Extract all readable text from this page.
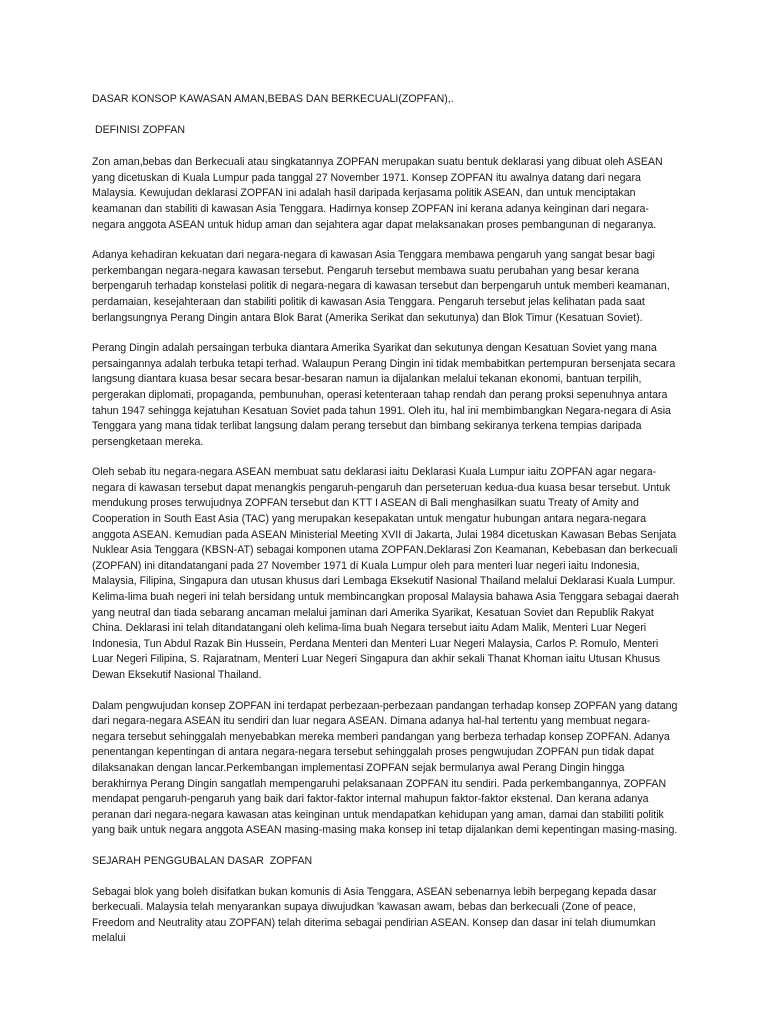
DASAR KONSOP KAWASAN AMAN,BEBAS DAN BERKECUALI(ZOPFAN),.
DEFINISI ZOPFAN

Zon aman,bebas dan Berkecuali atau singkatannya ZOPFAN merupakan suatu bentuk deklarasi yang dibuat oleh ASEAN yang dicetuskan di Kuala Lumpur pada tanggal 27 November 1971. Konsep ZOPFAN itu awalnya datang dari negara Malaysia. Kewujudan deklarasi ZOPFAN ini adalah hasil daripada kerjasama politik ASEAN, dan untuk menciptakan keamanan dan stabiliti di kawasan Asia Tenggara. Hadirnya konsep ZOPFAN ini kerana adanya keinginan dari negara- negara anggota ASEAN untuk hidup aman dan sejahtera agar dapat melaksanakan proses pembangunan di negaranya.

Adanya kehadiran kekuatan dari negara-negara di kawasan Asia Tenggara membawa pengaruh yang sangat besar bagi perkembangan negara-negara kawasan tersebut. Pengaruh tersebut membawa suatu perubahan yang besar kerana berpengaruh terhadap konstelasi politik di negara-negara di kawasan tersebut dan berpengaruh untuk memberi keamanan, perdamaian, kesejahteraan dan stabiliti politik di kawasan Asia Tenggara. Pengaruh tersebut jelas kelihatan pada saat berlangsungnya Perang Dingin antara Blok Barat (Amerika Serikat dan sekutunya) dan Blok Timur (Kesatuan Soviet).

Perang Dingin adalah persaingan terbuka diantara Amerika Syarikat dan sekutunya dengan Kesatuan Soviet yang mana persaingannya adalah terbuka tetapi terhad. Walaupun Perang Dingin ini tidak membabitkan pertempuran bersenjata secara langsung diantara kuasa besar secara besar-besaran namun ia dijalankan melalui tekanan ekonomi, bantuan terpilih, pergerakan diplomati, propaganda, pembunuhan, operasi ketenteraan tahap rendah dan perang proksi sepenuhnya antara tahun 1947 sehingga kejatuhan Kesatuan Soviet pada tahun 1991. Oleh itu, hal ini membimbangkan Negara-negara di Asia Tenggara yang mana tidak terlibat langsung dalam perang tersebut dan bimbang sekiranya terkena tempias daripada persengketaan mereka.

Oleh sebab itu negara-negara ASEAN membuat satu deklarasi iaitu Deklarasi Kuala Lumpur iaitu ZOPFAN agar negara-negara di kawasan tersebut dapat menangkis pengaruh-pengaruh dan perseteruan kedua-dua kuasa besar tersebut. Untuk mendukung proses terwujudnya ZOPFAN tersebut dan KTT I ASEAN di Bali menghasilkan suatu Treaty of Amity and Cooperation in South East Asia (TAC) yang merupakan kesepakatan untuk mengatur hubungan antara negara-negara anggota ASEAN. Kemudian pada ASEAN Ministerial Meeting XVII di Jakarta, Julai 1984 dicetuskan Kawasan Bebas Senjata Nuklear Asia Tenggara (KBSN-AT) sebagai komponen utama ZOPFAN.Deklarasi Zon Keamanan, Kebebasan dan berkecuali (ZOPFAN) ini ditandatangani pada 27 November 1971 di Kuala Lumpur oleh para menteri luar negeri iaitu Indonesia, Malaysia, Filipina, Singapura dan utusan khusus dari Lembaga Eksekutif Nasional Thailand melalui Deklarasi Kuala Lumpur. Kelima-lima buah negeri ini telah bersidang untuk membincangkan proposal Malaysia bahawa Asia Tenggara sebagai daerah yang neutral dan tiada sebarang ancaman melalui jaminan dari Amerika Syarikat, Kesatuan Soviet dan Republik Rakyat China. Deklarasi ini telah ditandatangani oleh kelima-lima buah Negara tersebut iaitu Adam Malik, Menteri Luar Negeri Indonesia, Tun Abdul Razak Bin Hussein, Perdana Menteri dan Menteri Luar Negeri Malaysia, Carlos P. Romulo, Menteri Luar Negeri Filipina, S. Rajaratnam, Menteri Luar Negeri Singapura dan akhir sekali Thanat Khoman iaitu Utusan Khusus Dewan Eksekutif Nasional Thailand.

Dalam pengwujudan konsep ZOPFAN ini terdapat perbezaan-perbezaan pandangan terhadap konsep ZOPFAN yang datang dari negara-negara ASEAN itu sendiri dan luar negara ASEAN. Dimana adanya hal-hal tertentu yang membuat negara-negara tersebut sehinggalah menyebabkan mereka memberi pandangan yang berbeza terhadap konsep ZOPFAN. Adanya penentangan kepentingan di antara negara-negara tersebut sehinggalah proses pengwujudan ZOPFAN pun tidak dapat dilaksanakan dengan lancar.Perkembangan implementasi ZOPFAN sejak bermulanya awal Perang Dingin hingga berakhirnya Perang Dingin sangatlah mempengaruhi pelaksanaan ZOPFAN itu sendiri. Pada perkembangannya, ZOPFAN mendapat pengaruh-pengaruh yang baik dari faktor-faktor internal mahupun faktor-faktor ekstenal. Dan kerana adanya peranan dari negara-negara kawasan atas keinginan untuk mendapatkan kehidupan yang aman, damai dan stabiliti politik yang baik untuk negara anggota ASEAN masing-masing maka konsep ini tetap dijalankan demi kepentingan masing-masing.

SEJARAH PENGGUBALAN DASAR  ZOPFAN

Sebagai blok yang boleh disifatkan bukan komunis di Asia Tenggara, ASEAN sebenarnya lebih berpegang kepada dasar berkecuali. Malaysia telah menyarankan supaya diwujudkan 'kawasan awam, bebas dan berkecuali (Zone of peace, Freedom and Neutrality atau ZOPFAN) telah diterima sebagai pendirian ASEAN. Konsep dan dasar ini telah diumumkan melalui
